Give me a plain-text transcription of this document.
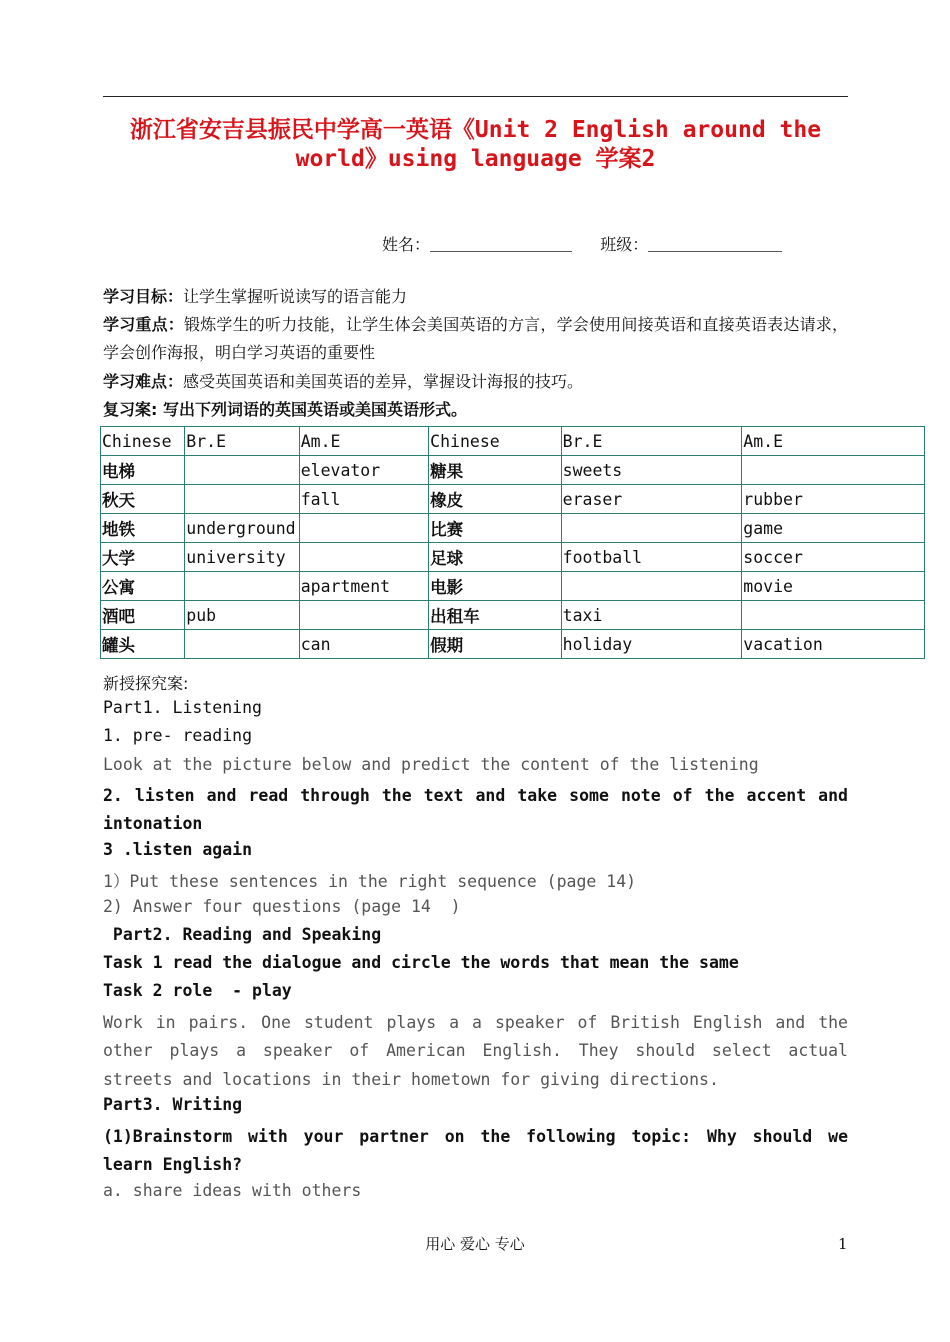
浙江省安吉县振民中学高一英语《Unit 2 English around the
world》using language 学案2
姓名：	班级：
学习目标：让学生掌握听说读写的语言能力
学习重点：锻炼学生的听力技能，让学生体会美国英语的方言，学会使用间接英语和直接英语表达请求，学会创作海报，明白学习英语的重要性
学习难点：感受英国英语和美国英语的差异，掌握设计海报的技巧。
复习案: 写出下列词语的英国英语或美国英语形式。
Chinese	Br.E	Am.E	Chinese	Br.E	Am.E
电梯		elevator	糖果	sweets	
秋天		fall	橡皮	eraser	rubber
地铁	underground		比赛		game
大学	university		足球	football	soccer
公寓		apartment	电影		movie
酒吧	pub		出租车	taxi	
罐头		can	假期	holiday	vacation
新授探究案:
Part1. Listening
1. pre- reading
Look at the picture below and predict the content of the listening
2. listen and read through the text and take some note of the accent and intonation
3 .listen again
1）Put these sentences in the right sequence (page 14)
2) Answer four questions (page 14  )
Part2. Reading and Speaking
Task 1 read the dialogue and circle the words that mean the same
Task 2 role  - play
Work in pairs. One student plays a a speaker of British English and the other plays a speaker of American English. They should select actual streets and locations in their hometown for giving directions.
Part3. Writing
(1)Brainstorm with your partner on the following topic: Why should we learn English?
a. share ideas with others
用心 爱心 专心	1
